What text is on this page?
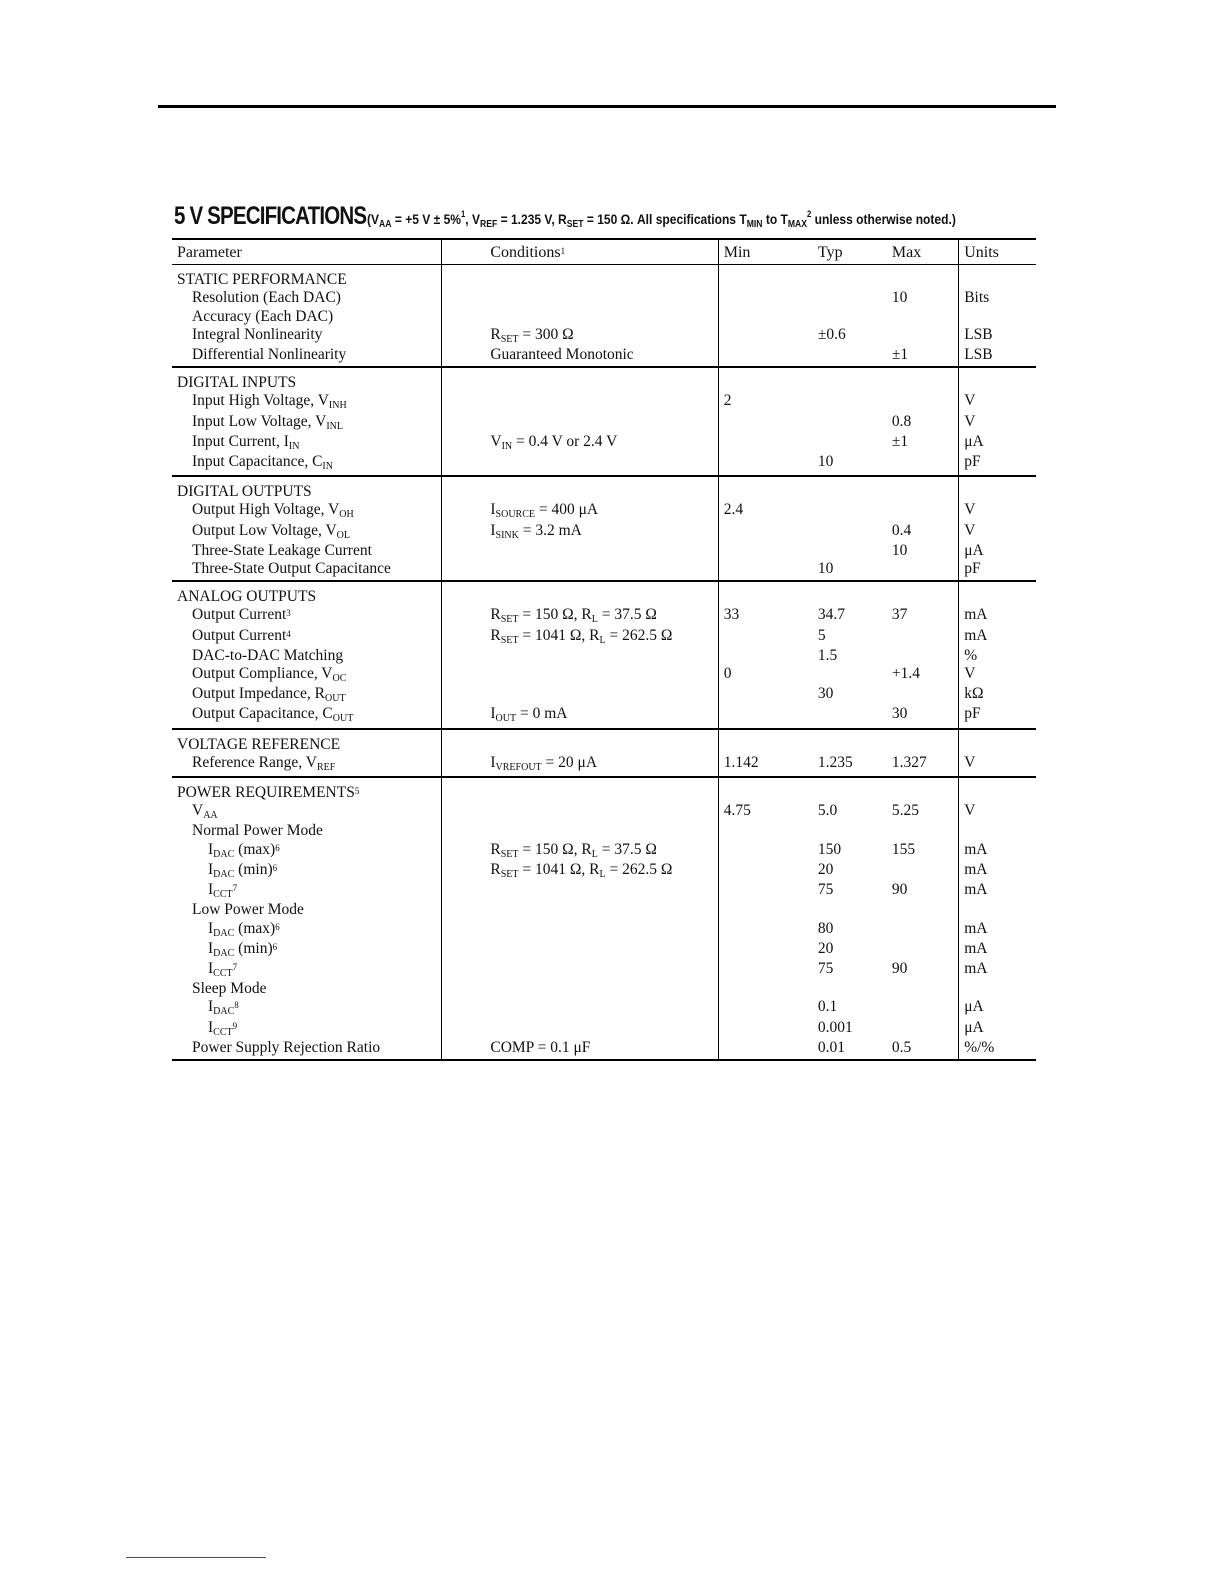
5 V SPECIFICATIONS ($V_{AA} = +5$ V ± 5%$^1$, $V_{REF} = 1.235$ V, $R_{SET} = 150$ Ω. All specifications $T_{MIN}$ to $T_{MAX}^2$ unless otherwise noted.)
Parameter	Conditions$^1$	Min	Typ	Max	Units
STATIC PERFORMANCE					
Resolution (Each DAC)				10	Bits
Accuracy (Each DAC)					
Integral Nonlinearity	$R_{SET} = 300$ Ω		±0.6		LSB
Differential Nonlinearity	Guaranteed Monotonic			±1	LSB
DIGITAL INPUTS					
Input High Voltage, $V_{INH}$		2			V
Input Low Voltage, $V_{INL}$				0.8	V
Input Current, $I_{IN}$	$V_{IN} = 0.4$ V or 2.4 V			±1	μA
Input Capacitance, $C_{IN}$			10		pF
DIGITAL OUTPUTS					
Output High Voltage, $V_{OH}$	$I_{SOURCE} = 400$ μA	2.4			V
Output Low Voltage, $V_{OL}$	$I_{SINK} = 3.2$ mA			0.4	V
Three-State Leakage Current				10	μA
Three-State Output Capacitance			10		pF
ANALOG OUTPUTS					
Output Current$^3$	$R_{SET} = 150$ Ω, $R_L = 37.5$ Ω	33	34.7	37	mA
Output Current$^4$	$R_{SET} = 1041$ Ω, $R_L = 262.5$ Ω		5		mA
DAC-to-DAC Matching			1.5		%
Output Compliance, $V_{OC}$		0		+1.4	V
Output Impedance, $R_{OUT}$			30		kΩ
Output Capacitance, $C_{OUT}$	$I_{OUT} = 0$ mA			30	pF
VOLTAGE REFERENCE					
Reference Range, $V_{REF}$	$I_{VREFOUT} = 20$ μA	1.142	1.235	1.327	V
POWER REQUIREMENTS$^5$					
$V_{AA}$		4.75	5.0	5.25	V
Normal Power Mode					
$I_{DAC}$ $(\max)^6$	$R_{SET} = 150$ Ω, $R_L = 37.5$ Ω		150	155	mA
$I_{DAC}$ $(\min)^6$	$R_{SET} = 1041$ Ω, $R_L = 262.5$ Ω		20		mA
$I_{CCT}^7$			75	90	mA
Low Power Mode					
$I_{DAC}$ $(\max)^6$			80		mA
$I_{DAC}$ $(\min)^6$			20		mA
$I_{CCT}^7$			75	90	mA
Sleep Mode					
$I_{DAC}^8$			0.1		μA
$I_{CCT}^9$			0.001		μA
Power Supply Rejection Ratio	COMP = 0.1 μF		0.01	0.5	%/%
